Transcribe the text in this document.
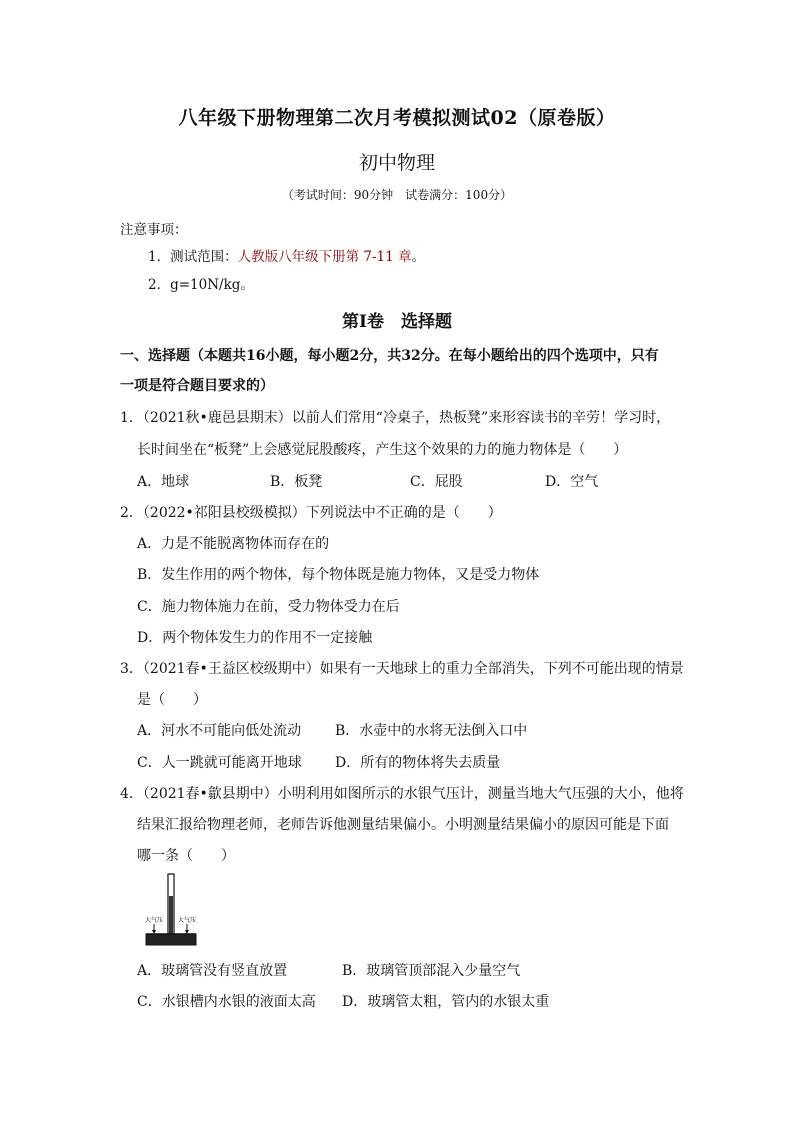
八年级下册物理第二次月考模拟测试02（原卷版）
初中物理
（考试时间：90分钟　试卷满分：100分）
注意事项：
1．测试范围：人教版八年级下册第 7-11 章。
2．g=10N/kg。
第Ⅰ卷　选择题
一、选择题（本题共16小题，每小题2分，共32分。在每小题给出的四个选项中，只有
一项是符合题目要求的）
1．（2021秋•鹿邑县期末）以前人们常用“冷桌子，热板凳”来形容读书的辛劳！学习时，
长时间坐在“板凳”上会感觉屁股酸疼，产生这个效果的力的施力物体是（　　）
A．地球	B．板凳	C．屁股	D．空气
2．（2022•祁阳县校级模拟）下列说法中不正确的是（　　）
A．力是不能脱离物体而存在的
B．发生作用的两个物体，每个物体既是施力物体，又是受力物体
C．施力物体施力在前，受力物体受力在后
D．两个物体发生力的作用不一定接触
3．（2021春•王益区校级期中）如果有一天地球上的重力全部消失，下列不可能出现的情景
是（　　）
A．河水不可能向低处流动 B．水壶中的水将无法倒入口中
C．人一跳就可能离开地球 D．所有的物体将失去质量
4．（2021春•歙县期中）小明利用如图所示的水银气压计，测量当地大气压强的大小，他将
结果汇报给物理老师，老师告诉他测量结果偏小。小明测量结果偏小的原因可能是下面
哪一条（　　）
大气压 大气压
A．玻璃管没有竖直放置	B．玻璃管顶部混入少量空气
C．水银槽内水银的液面太高 D．玻璃管太粗，管内的水银太重
